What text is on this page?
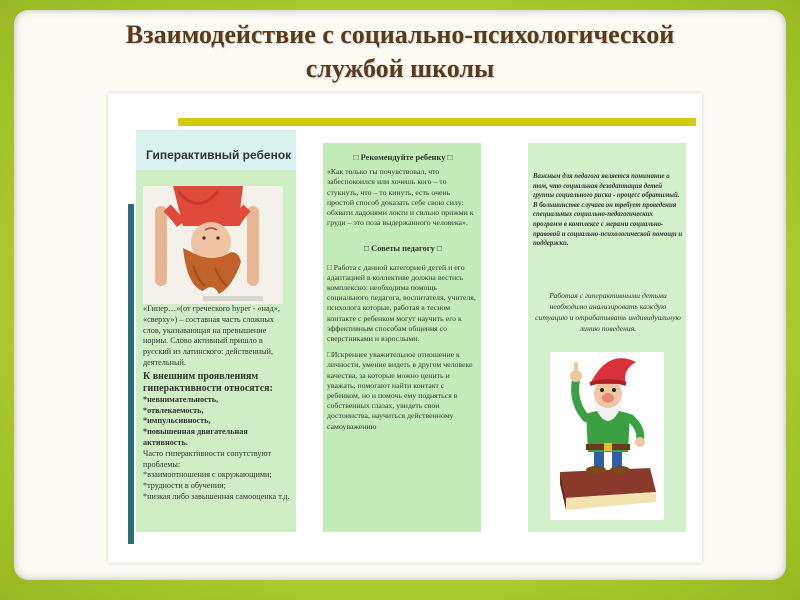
Взаимодействие с социально-психологической
службой школы
Гиперактивный ребенок
«Гипер…»(от греческого hyper - «над», «сверху») – составная часть сложных слов, указывающая на превышение нормы. Слово активный пришло в русский из латинского: действенный, деятельный.
К внешним проявлениям гиперактивности относятся:
*невнимательность,
*отвлекаемость,
*импульсивность,
*повышенная двигательная активность.
Часто гиперактивности сопутствуют проблемы:
*взаимоотношения с окружающими;
*трудности в обучении;
*низкая либо завышенная самооценка т.д.
□ Рекомендуйте ребенку □

«Как только ты почувствовал, что забеспокоился или хочешь кого – то стукнуть, что – то кинуть, есть очень простой способ доказать себе свою силу: обхвати ладонями локти и сильно прижми к груди – это поза выдержанного человека».

□ Советы педагогу □

□ Работа с данной категорией детей и его адаптацией в коллективе должна вестись комплексно: необходима помощь социального педагога, воспитателя, учителя, психолога которые, работая в тесном контакте с ребенком могут научить его к эффективным способам общения со сверстниками и взрослыми.

□Искреннее уважительное отношение к личности, умение видеть в другом человеке качества, за которые можно ценить и уважать, помогают найти контакт с ребенком, но и помочь ему подняться в собственных глазах, увидеть свои достоинства, научиться действенному самоуважению

Важным для педагога является понимание о том, что социальная дезадаптация детей группы социального риска - процесс обратимый. В большинстве случаев он требует проведения специальных социально-педагогических программ в комплексе с мерами социально-правовой и социально-психологической помощи и поддержки.
Работая с гиперактивными детьми необходимо анализировать каждую ситуацию и отрабатывать индивидуальную линию поведения.
